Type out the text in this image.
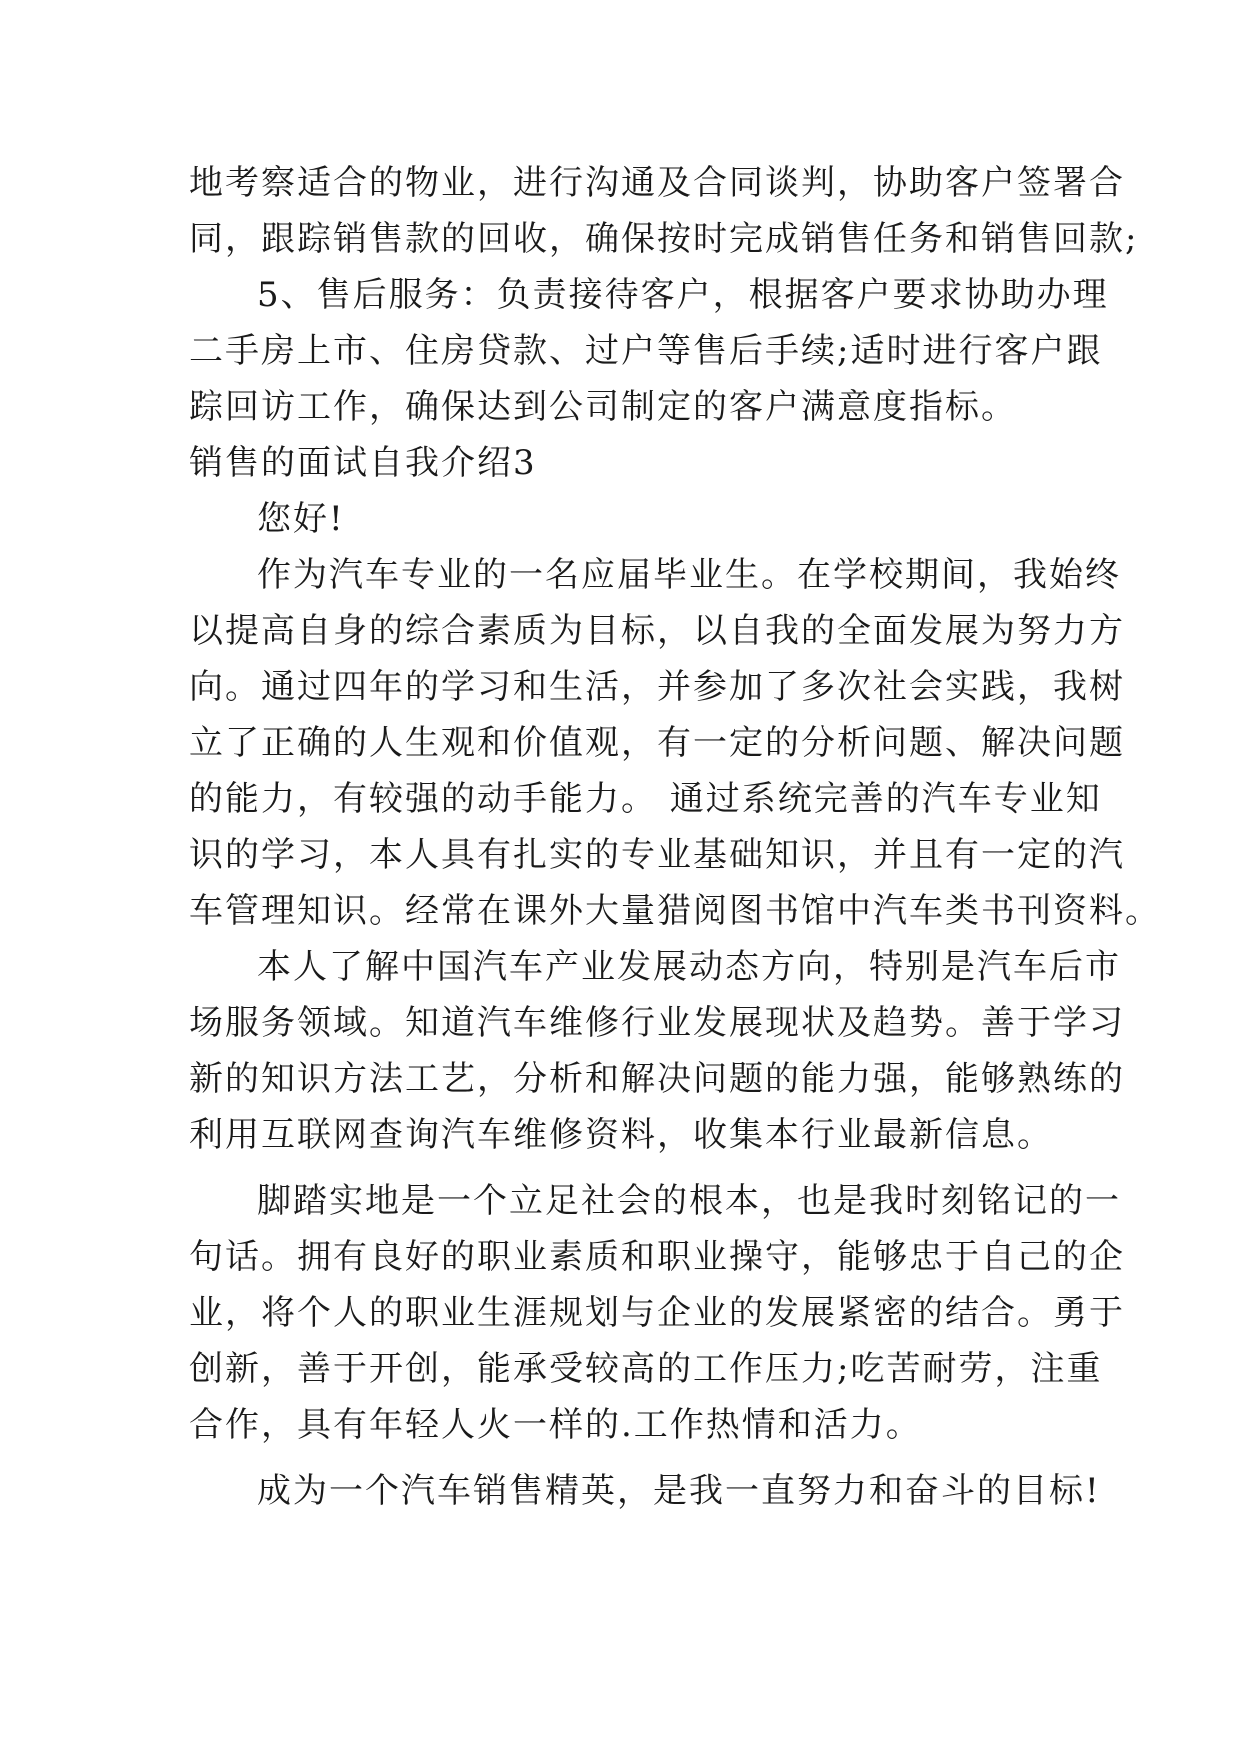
地考察适合的物业，进行沟通及合同谈判，协助客户签署合
同，跟踪销售款的回收，确保按时完成销售任务和销售回款;
5、售后服务：负责接待客户，根据客户要求协助办理
二手房上市、住房贷款、过户等售后手续;适时进行客户跟
踪回访工作，确保达到公司制定的客户满意度指标。
销售的面试自我介绍3
您好!
作为汽车专业的一名应届毕业生。在学校期间，我始终
以提高自身的综合素质为目标，以自我的全面发展为努力方
向。通过四年的学习和生活，并参加了多次社会实践，我树
立了正确的人生观和价值观，有一定的分析问题、解决问题
的能力，有较强的动手能力。 通过系统完善的汽车专业知
识的学习，本人具有扎实的专业基础知识，并且有一定的汽
车管理知识。经常在课外大量猎阅图书馆中汽车类书刊资料。
本人了解中国汽车产业发展动态方向，特别是汽车后市
场服务领域。知道汽车维修行业发展现状及趋势。善于学习
新的知识方法工艺，分析和解决问题的能力强，能够熟练的
利用互联网查询汽车维修资料，收集本行业最新信息。
脚踏实地是一个立足社会的根本，也是我时刻铭记的一
句话。拥有良好的职业素质和职业操守，能够忠于自己的企
业，将个人的职业生涯规划与企业的发展紧密的结合。勇于
创新，善于开创，能承受较高的工作压力;吃苦耐劳，注重
合作，具有年轻人火一样的.工作热情和活力。
成为一个汽车销售精英，是我一直努力和奋斗的目标!
